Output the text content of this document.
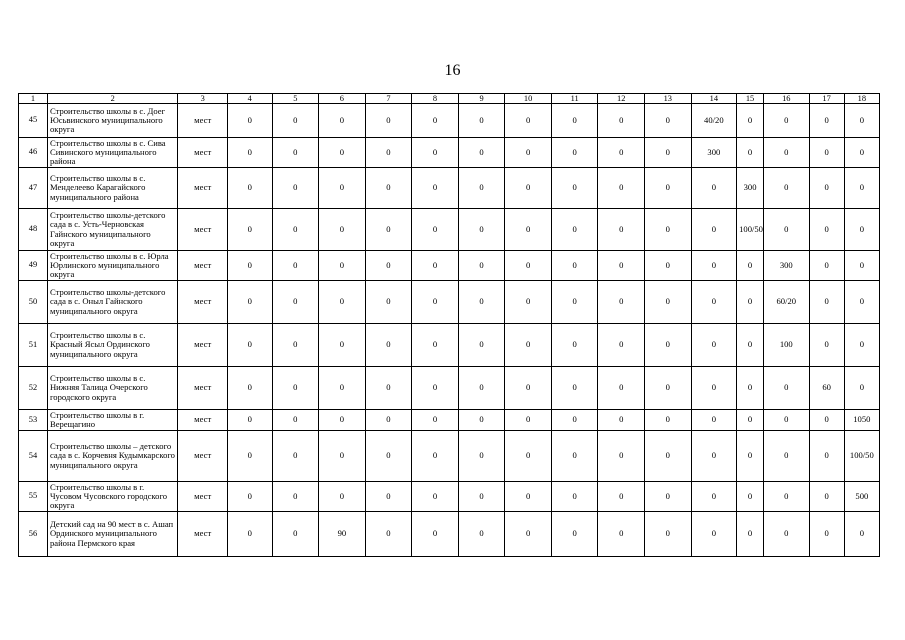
16
1	2	3	4	5	6	7	8	9	10	11	12	13	14	15	16	17	18
45	Строительство школы в с. Доег Юсьвинского муниципального округа	мест	0	0	0	0	0	0	0	0	0	0	40/20	0	0	0	0
46	Строительство школы в с. Сива Сивинского муниципального района	мест	0	0	0	0	0	0	0	0	0	0	300	0	0	0	0
47	Строительство школы в с. Менделеево Карагайского муниципального района	мест	0	0	0	0	0	0	0	0	0	0	0	300	0	0	0
48	Строительство школы-детского сада в с. Усть-Черновская Гайнского муниципального округа	мест	0	0	0	0	0	0	0	0	0	0	0	100/50	0	0	0
49	Строительство школы в с. Юрла Юрлинского муниципального округа	мест	0	0	0	0	0	0	0	0	0	0	0	0	300	0	0
50	Строительство школы-детского сада в с. Оныл Гайнского муниципального округа	мест	0	0	0	0	0	0	0	0	0	0	0	0	60/20	0	0
51	Строительство школы в с. Красный Ясыл Ординского муниципального округа	мест	0	0	0	0	0	0	0	0	0	0	0	0	100	0	0
52	Строительство школы в с. Нижняя Талица Очерского городского округа	мест	0	0	0	0	0	0	0	0	0	0	0	0	0	60	0
53	Строительство школы в г. Верещагино	мест	0	0	0	0	0	0	0	0	0	0	0	0	0	0	1050
54	Строительство школы – детского сада в с. Корчевня Кудымкарского муниципального округа	мест	0	0	0	0	0	0	0	0	0	0	0	0	0	0	100/50
55	Строительство школы в г. Чусовом Чусовского городского округа	мест	0	0	0	0	0	0	0	0	0	0	0	0	0	0	500
56	Детский сад на 90 мест в с. Ашап Ординского муниципального района Пермского края	мест	0	0	90	0	0	0	0	0	0	0	0	0	0	0	0
